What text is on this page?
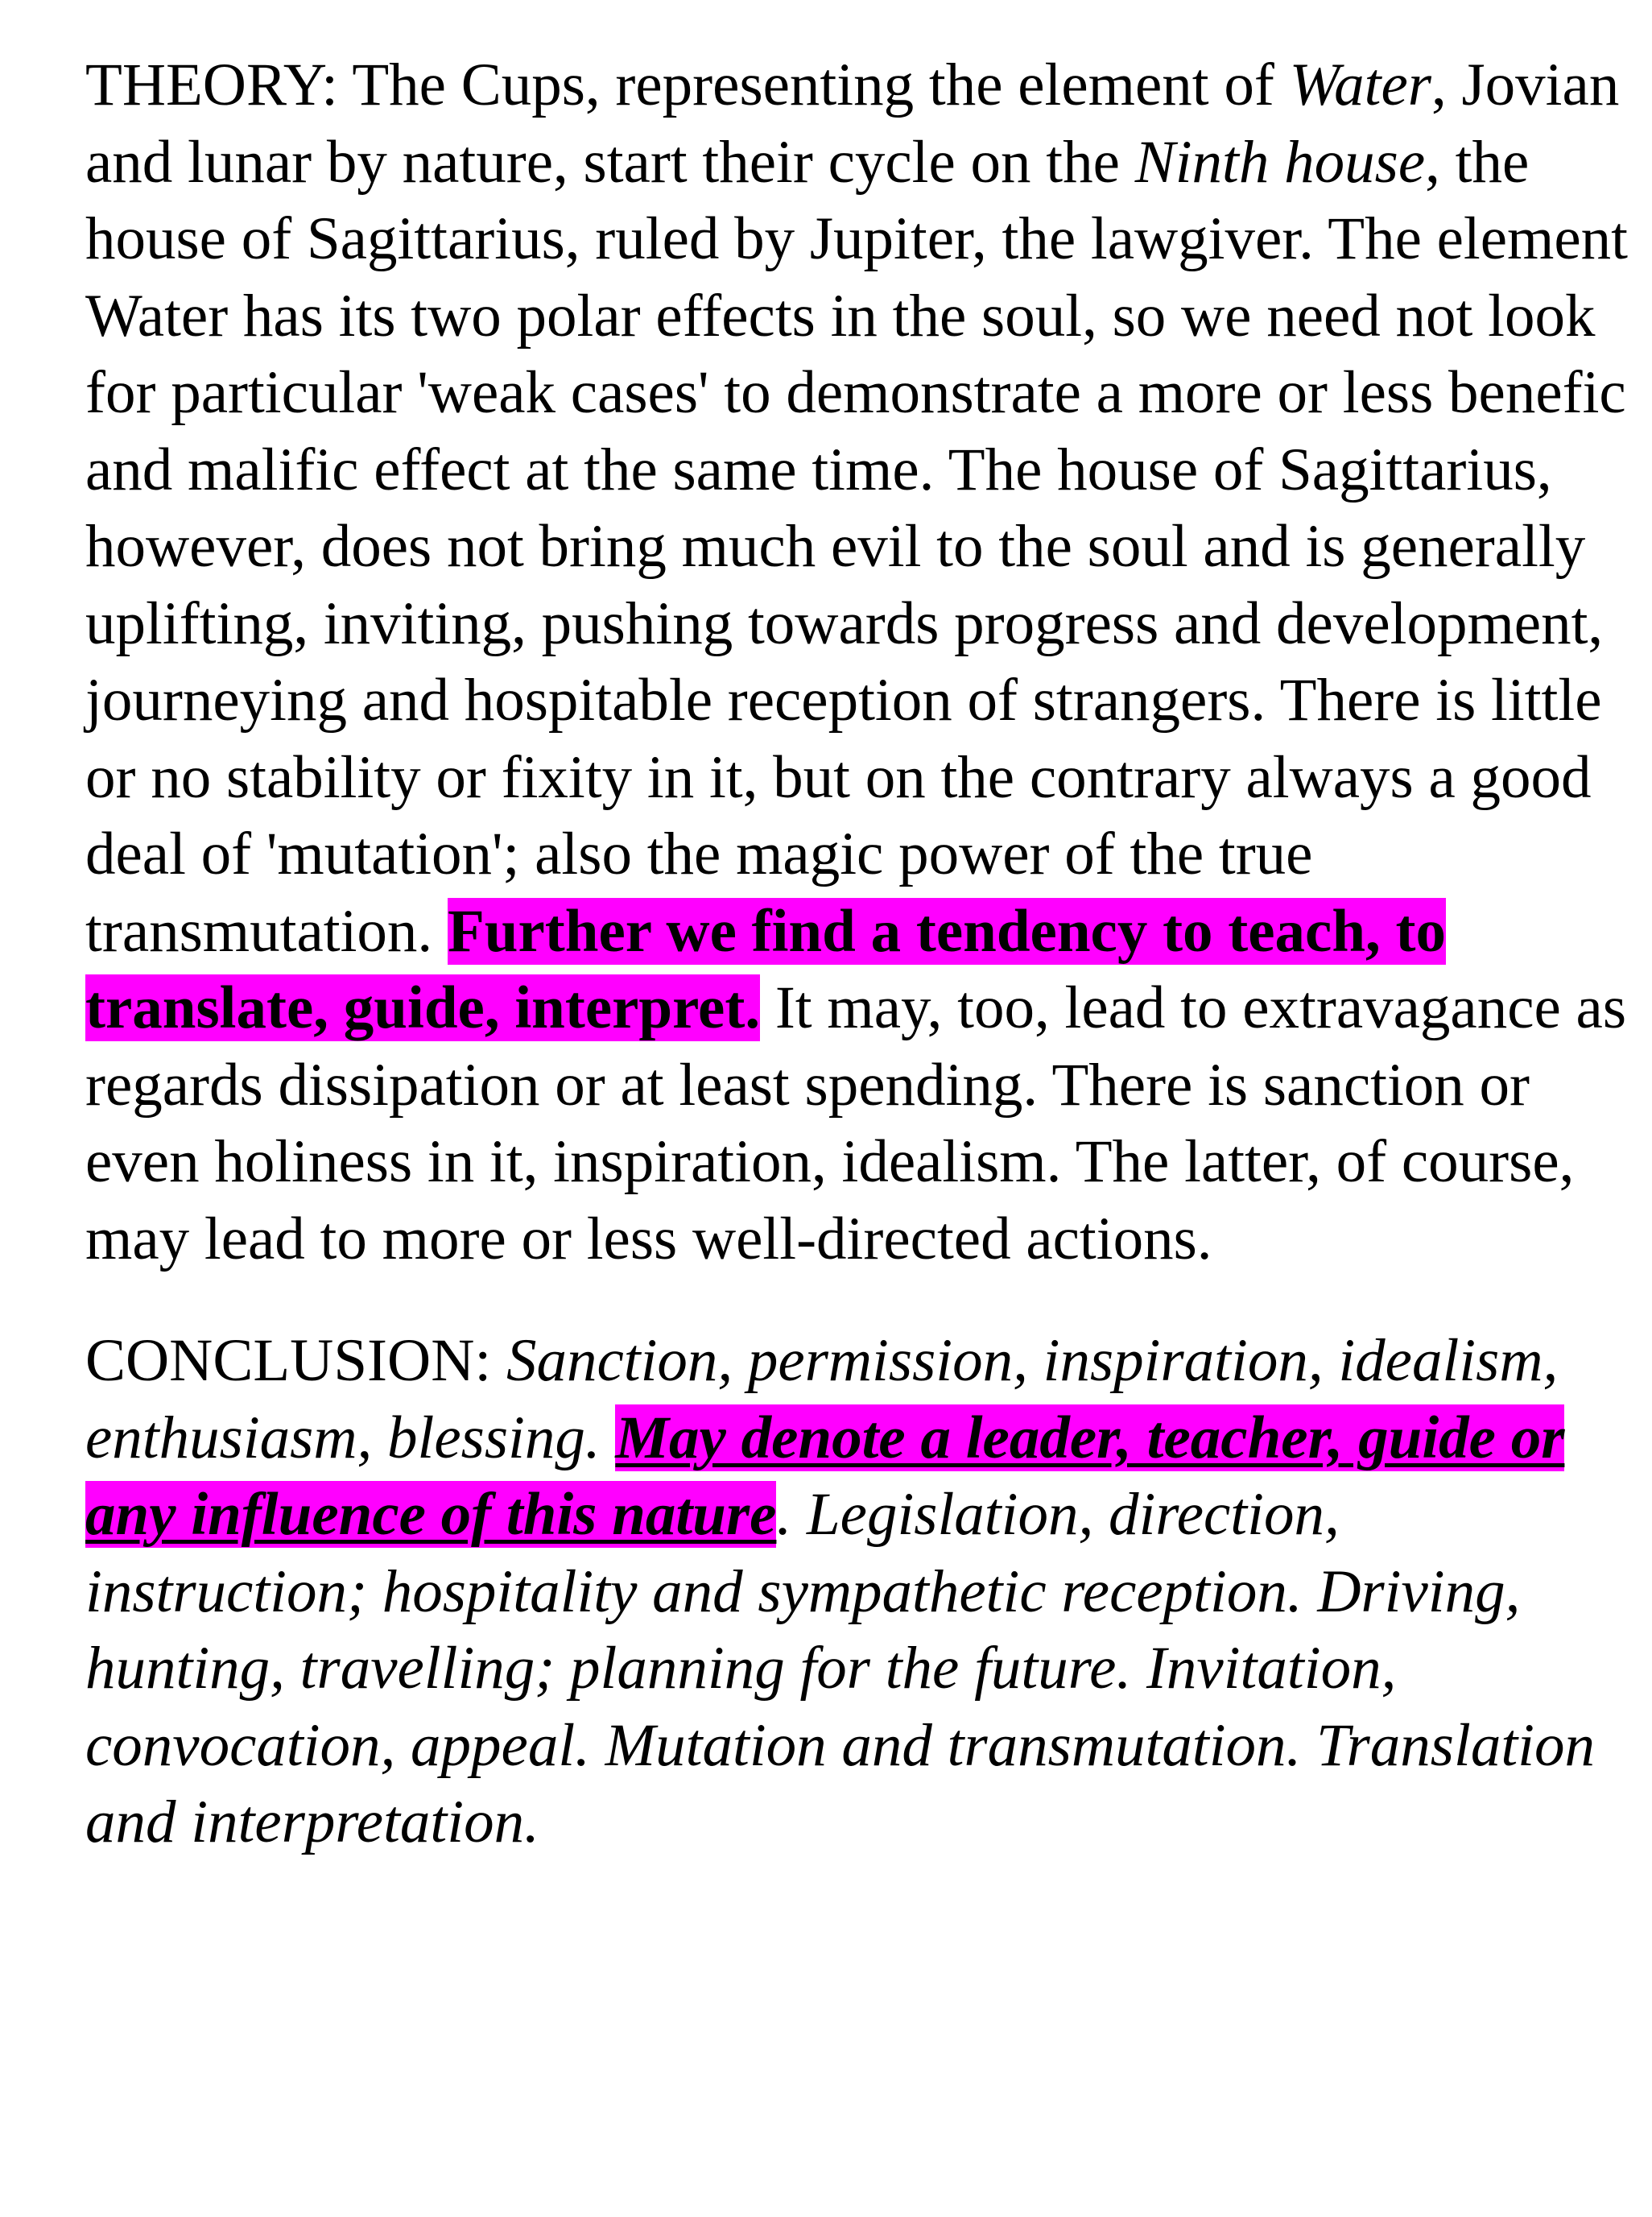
THEORY: The Cups, representing the element of Water, Jovian and lunar by nature, start their cycle on the Ninth house, the house of Sagittarius, ruled by Jupiter, the lawgiver. The element Water has its two polar effects in the soul, so we need not look for particular 'weak cases' to demonstrate a more or less benefic and malific effect at the same time. The house of Sagittarius, however, does not bring much evil to the soul and is generally uplifting, inviting, pushing towards progress and development, journeying and hospitable reception of strangers. There is little or no stability or fixity in it, but on the contrary always a good deal of 'mutation'; also the magic power of the true transmutation. Further we find a tendency to teach, to translate, guide, interpret. It may, too, lead to extravagance as regards dissipation or at least spending. There is sanction or even holiness in it, inspiration, idealism. The latter, of course, may lead to more or less well-directed actions.

CONCLUSION: Sanction, permission, inspiration, idealism, enthusiasm, blessing. May denote a leader, teacher, guide or any influence of this nature. Legislation, direction, instruction; hospitality and sympathetic reception. Driving, hunting, travelling; planning for the future. Invitation, convocation, appeal. Mutation and transmutation. Translation and interpretation.
